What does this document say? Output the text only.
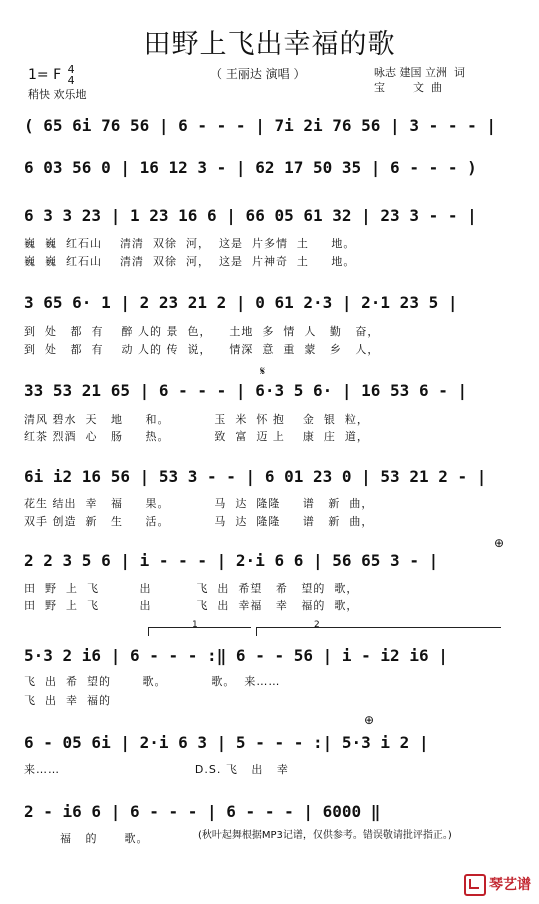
田野上飞出幸福的歌
1= F 4
4
稍快 欢乐地
（ 王丽达 演唱 ）	咏志 建国 立洲  词
宝        文  曲
( 65 6i 76 56 | 6 - - - | 7i 2i 76 56 | 3 - - - |
6 03 56 0 | 16 12 3 - | 62 17 50 35 | 6 - - - )
6 3 3 23 | 1 23 16 6 | 66 05 61 32 | 23 3 - - |
巍  巍  红石山    清清  双徐  河，  这是  片多情  土     地。
巍  巍  红石山    清清  双徐  河，  这是  片神奇  土     地。
3 65 6· 1 | 2 23 21 2 | 0 61 2·3 | 2·1 23 5 |
到  处   都  有    醉 人的 景  色，    土地  多  情  人   勤   奋，
到  处   都  有    动 人的 传  说，    情深  意  重  蒙   乡   人，
𝄋
33 53 21 65 | 6 - - - | 6·3 5 6· | 16 53 6 - |
清风 碧水  天   地     和。          玉  米  怀 抱    金  银  粒，
红茶 烈酒  心   肠     热。          致  富  迈 上    康  庄  道，
6i i2 16 56 | 53 3 - - | 6 01 23 0 | 53 21 2 - |
花生 结出  幸   福     果。          马  达  隆隆     谱   新  曲，
双手 创造  新   生     活。          马  达  隆隆     谱   新  曲，
⊕
2 2 3 5 6 | i - - - | 2·i 6 6 | 56 65 3 - |
田  野  上  飞         出          飞  出  希望   希   望的  歌，
田  野  上  飞         出          飞  出  幸福   幸   福的  歌，
1	2
5·3 2 i6 | 6 - - - :‖ 6 - - 56 | i - i2 i6 |
飞  出  希  望的       歌。          歌。  来……
飞  出  幸  福的
⊕
6 - 05 6i | 2·i 6 3 | 5 - - - :| 5·3 i 2 |
来……                              D.S. 飞   出   幸
2 - i6 6 | 6 - - - | 6 - - - | 6000 ‖
福   的      歌。	(秋叶起舞根据MP3记谱，仅供参考。错误敬请批评指正。)
琴艺谱
